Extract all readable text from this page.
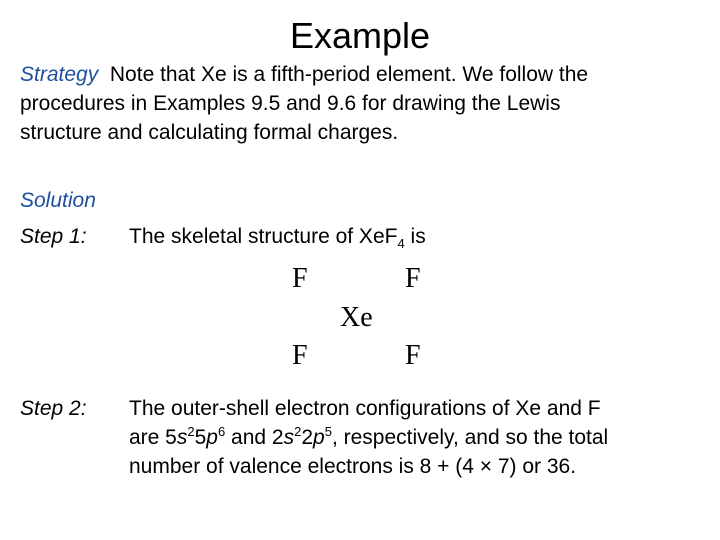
Example
Strategy Note that Xe is a fifth-period element. We follow the
procedures in Examples 9.5 and 9.6 for drawing the Lewis
structure and calculating formal charges.
Solution
Step 1: The skeletal structure of XeF$_4$ is
F	F
Xe
F	F
Step 2: The outer-shell electron configurations of Xe and F
are $5s^25p^6$ and $2s^22p^5$, respectively, and so the total
number of valence electrons is 8 + (4 × 7) or 36.
